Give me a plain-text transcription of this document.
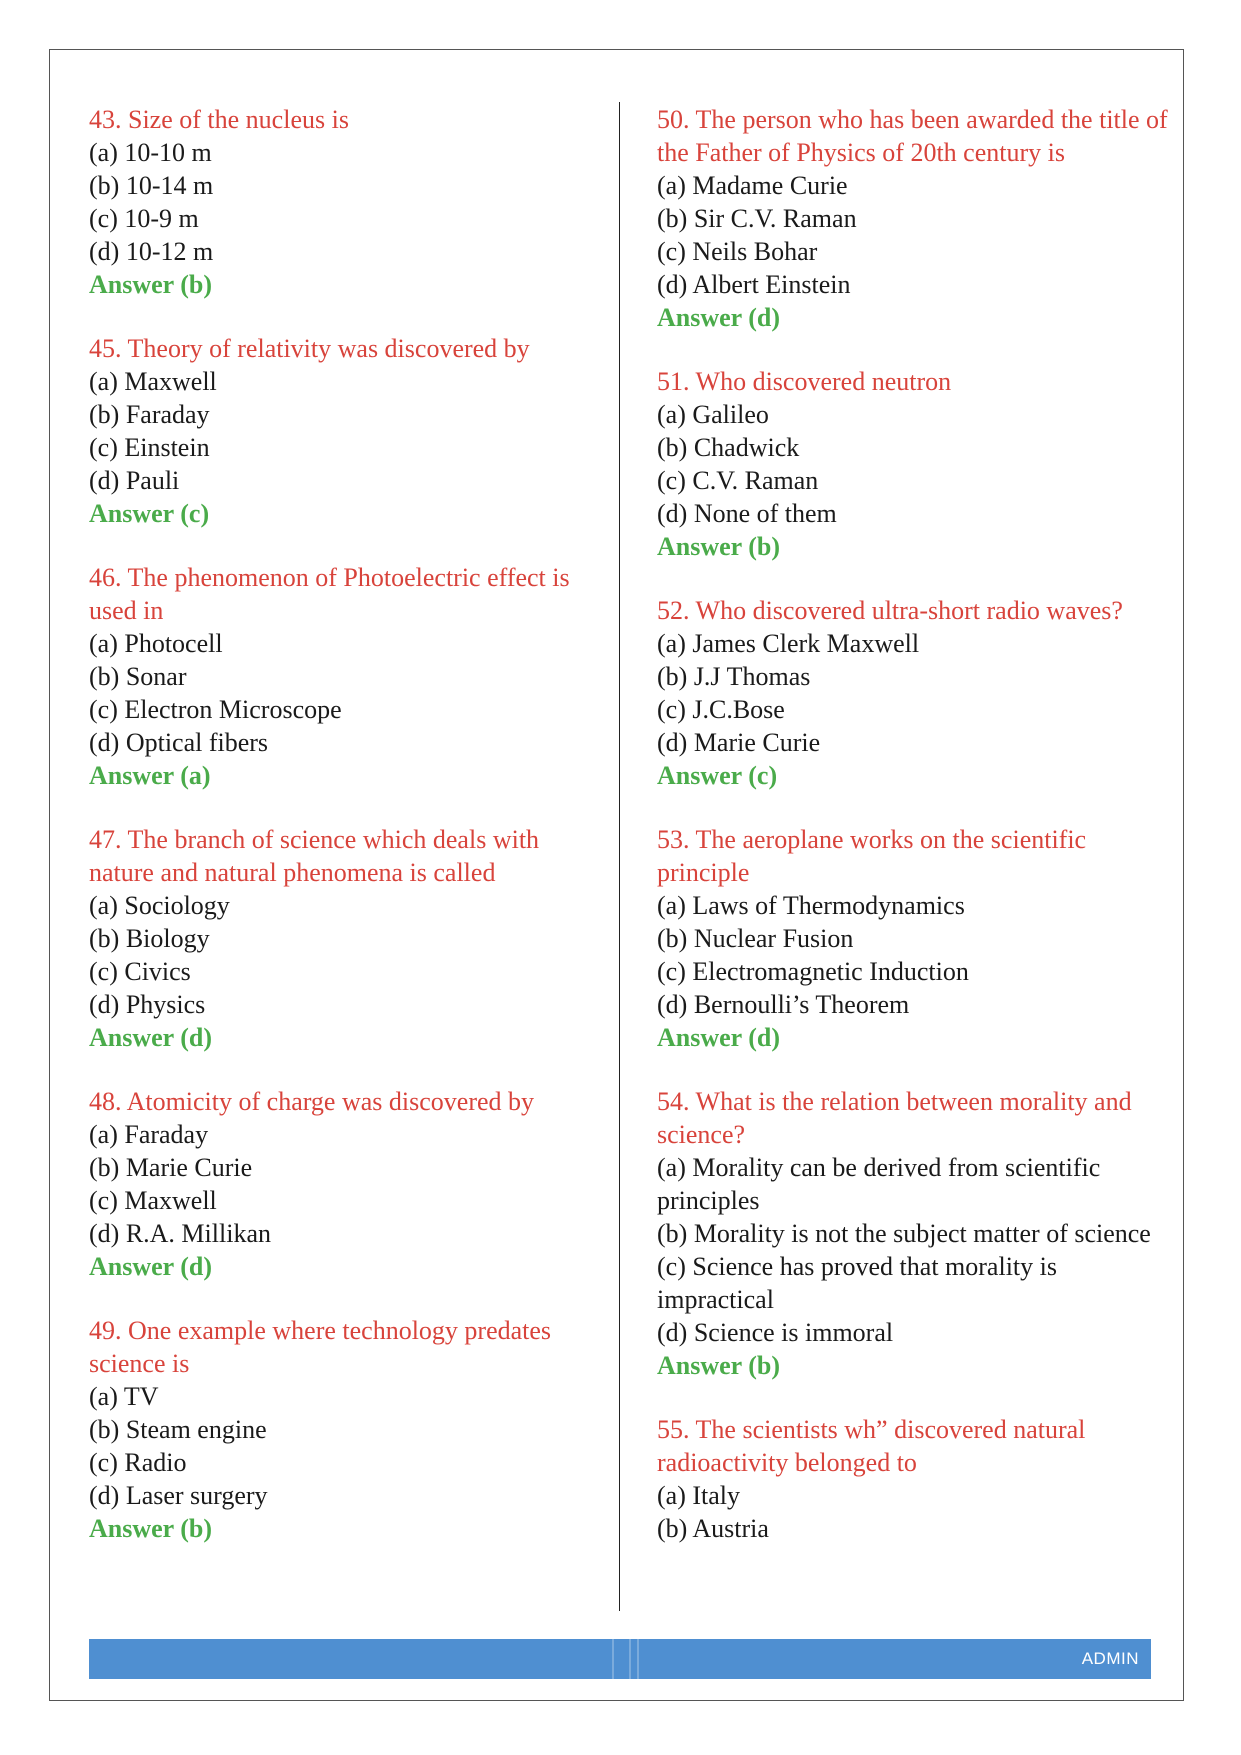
43. Size of the nucleus is
(a) 10-10 m
(b) 10-14 m
(c) 10-9 m
(d) 10-12 m
Answer (b)
45. Theory of relativity was discovered by
(a) Maxwell
(b) Faraday
(c) Einstein
(d) Pauli
Answer (c)
46. The phenomenon of Photoelectric effect is used in
(a) Photocell
(b) Sonar
(c) Electron Microscope
(d) Optical fibers
Answer (a)
47. The branch of science which deals with nature and natural phenomena is called
(a) Sociology
(b) Biology
(c) Civics
(d) Physics
Answer (d)
48. Atomicity of charge was discovered by
(a) Faraday
(b) Marie Curie
(c) Maxwell
(d) R.A. Millikan
Answer (d)
49. One example where technology predates science is
(a) TV
(b) Steam engine
(c) Radio
(d) Laser surgery
Answer (b)
50. The person who has been awarded the title of the Father of Physics of 20th century is
(a) Madame Curie
(b) Sir C.V. Raman
(c) Neils Bohar
(d) Albert Einstein
Answer (d)
51. Who discovered neutron
(a) Galileo
(b) Chadwick
(c) C.V. Raman
(d) None of them
Answer (b)
52. Who discovered ultra-short radio waves?
(a) James Clerk Maxwell
(b) J.J Thomas
(c) J.C.Bose
(d) Marie Curie
Answer (c)
53. The aeroplane works on the scientific principle
(a) Laws of Thermodynamics
(b) Nuclear Fusion
(c) Electromagnetic Induction
(d) Bernoulli’s Theorem
Answer (d)
54. What is the relation between morality and science?
(a) Morality can be derived from scientific principles
(b) Morality is not the subject matter of science
(c) Science has proved that morality is impractical
(d) Science is immoral
Answer (b)
55. The scientists wh” discovered natural radioactivity belonged to
(a) Italy
(b) Austria
ADMIN
